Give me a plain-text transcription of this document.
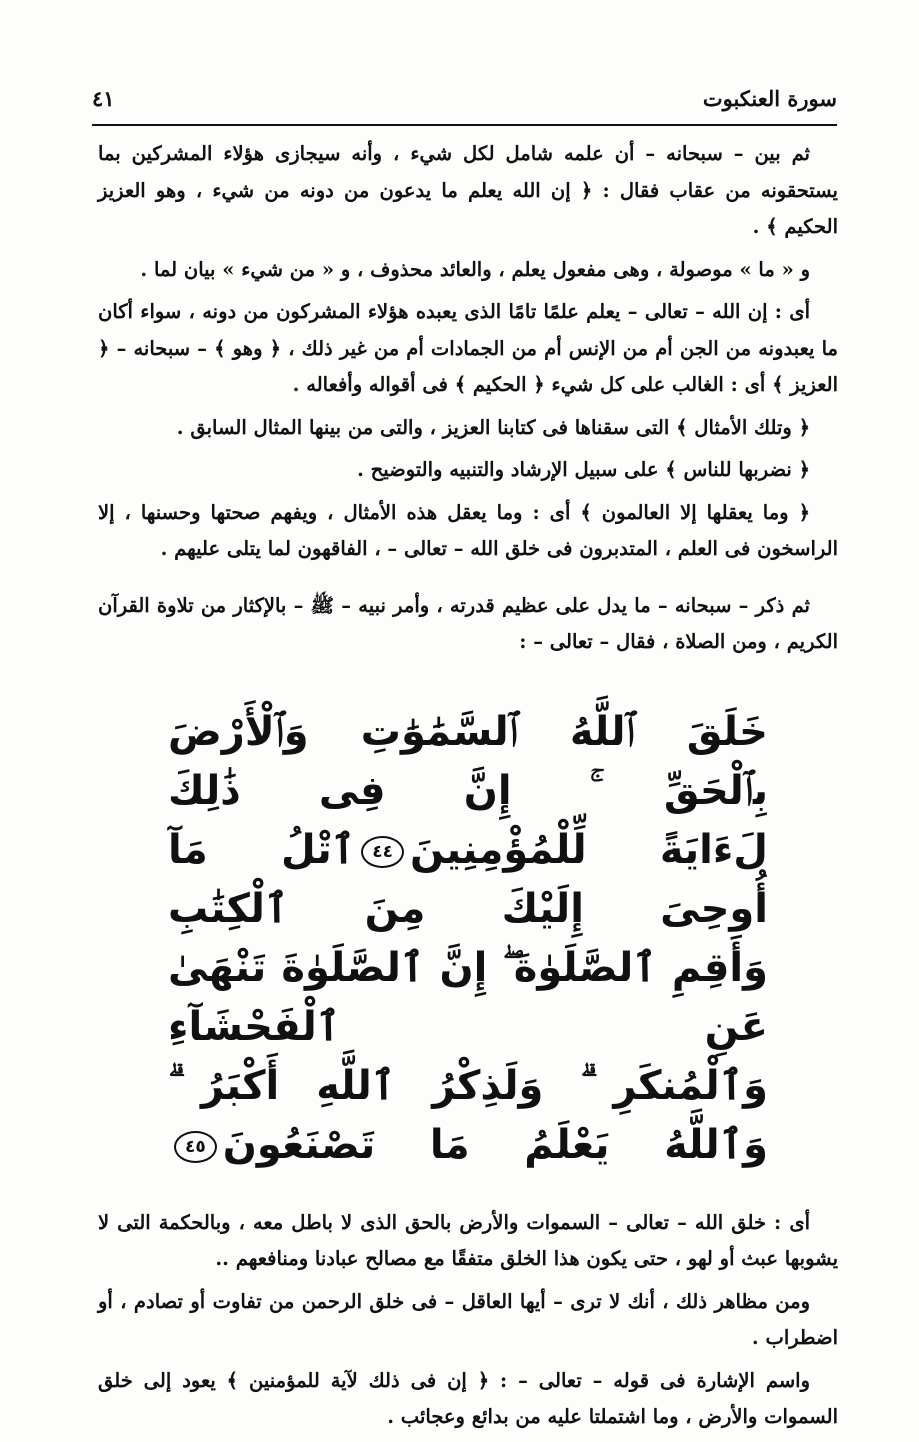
سورة العنكبوت
٤١

ثم بين – سبحانه – أن علمه شامل لكل شيء ، وأنه سيجازى هؤلاء المشركين بما يستحقونه من عقاب فقال : ﴿ إن الله يعلم ما يدعون من دونه من شيء ، وهو العزيز الحكيم ﴾ .

و « ما » موصولة ، وهى مفعول يعلم ، والعائد محذوف ، و « من شيء » بيان لما .

أى : إن الله – تعالى – يعلم علمًا تامًا الذى يعبده هؤلاء المشركون من دونه ، سواء أكان ما يعبدونه من الجن أم من الإنس أم من الجمادات أم من غير ذلك ، ﴿ وهو ﴾ – سبحانه – ﴿ العزيز ﴾ أى : الغالب على كل شيء ﴿ الحكيم ﴾ فى أقواله وأفعاله .

﴿ وتلك الأمثال ﴾ التى سقناها فى كتابنا العزيز ، والتى من بينها المثال السابق .

﴿ نضربها للناس ﴾ على سبيل الإرشاد والتنبيه والتوضيح .

﴿ وما يعقلها إلا العالمون ﴾ أى : وما يعقل هذه الأمثال ، ويفهم صحتها وحسنها ، إلا الراسخون فى العلم ، المتدبرون فى خلق الله – تعالى – ، الفاقهون لما يتلى عليهم .

ثم ذكر – سبحانه – ما يدل على عظيم قدرته ، وأمر نبيه – ﷺ – بالإكثار من تلاوة القرآن الكريم ، ومن الصلاة ، فقال – تعالى – :

خَلَقَ ٱللَّهُ ٱلسَّمَٰوَٰتِ وَٱلْأَرْضَ بِٱلْحَقِّ ۚ إِنَّ فِى ذَٰلِكَ
لَءَايَةً لِّلْمُؤْمِنِينَ٤٤ٱتْلُ مَآ أُوحِىَ إِلَيْكَ مِنَ ٱلْكِتَٰبِ
وَأَقِمِ ٱلصَّلَوٰةَ ۖ إِنَّ ٱلصَّلَوٰةَ تَنْهَىٰ عَنِ ٱلْفَحْشَآءِ
وَٱلْمُنكَرِ ۗ وَلَذِكْرُ ٱللَّهِ أَكْبَرُ ۗ وَٱللَّهُ يَعْلَمُ مَا تَصْنَعُونَ٤٥

أى : خلق الله – تعالى – السموات والأرض بالحق الذى لا باطل معه ، وبالحكمة التى لا يشوبها عبث أو لهو ، حتى يكون هذا الخلق متفقًا مع مصالح عبادنا ومنافعهم ..

ومن مظاهر ذلك ، أنك لا ترى – أيها العاقل – فى خلق الرحمن من تفاوت أو تصادم ، أو اضطراب .

واسم الإشارة فى قوله – تعالى – : ﴿ إن فى ذلك لآية للمؤمنين ﴾ يعود إلى خلق السموات والأرض ، وما اشتملتا عليه من بدائع وعجائب .
